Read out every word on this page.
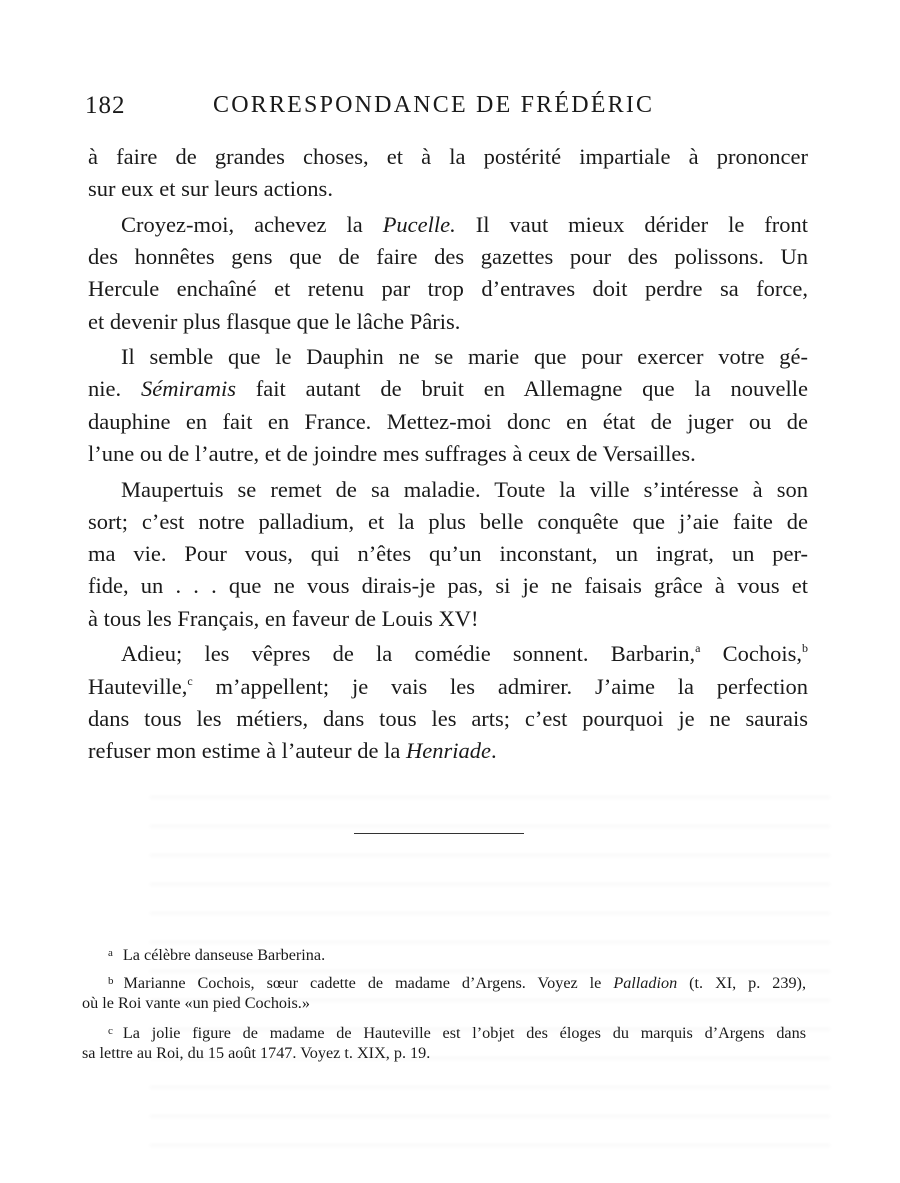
182	CORRESPONDANCE DE FRÉDÉRIC
à faire de grandes choses, et à la postérité impartiale à prononcer
sur eux et sur leurs actions.
Croyez-moi, achevez la Pucelle. Il vaut mieux dérider le front
des honnêtes gens que de faire des gazettes pour des polissons. Un
Hercule enchaîné et retenu par trop d’entraves doit perdre sa force,
et devenir plus flasque que le lâche Pâris.
Il semble que le Dauphin ne se marie que pour exercer votre gé-
nie. Sémiramis fait autant de bruit en Allemagne que la nouvelle
dauphine en fait en France. Mettez-moi donc en état de juger ou de
l’une ou de l’autre, et de joindre mes suffrages à ceux de Versailles.
Maupertuis se remet de sa maladie. Toute la ville s’intéresse à son
sort; c’est notre palladium, et la plus belle conquête que j’aie faite de
ma vie. Pour vous, qui n’êtes qu’un inconstant, un ingrat, un per-
fide, un . . . que ne vous dirais-je pas, si je ne faisais grâce à vous et
à tous les Français, en faveur de Louis XV!
Adieu; les vêpres de la comédie sonnent. Barbarin,$^a$ Cochois,$^b$
Hauteville,$^c$ m’appellent; je vais les admirer. J’aime la perfection
dans tous les métiers, dans tous les arts; c’est pourquoi je ne saurais
refuser mon estime à l’auteur de la Henriade.
$^a$ La célèbre danseuse Barberina.
$^b$ Marianne Cochois, sœur cadette de madame d’Argens. Voyez le Palladion (t. XI, p. 239),
où le Roi vante «un pied Cochois.»
$^c$ La jolie figure de madame de Hauteville est l’objet des éloges du marquis d’Argens dans
sa lettre au Roi, du 15 août 1747. Voyez t. XIX, p. 19.
